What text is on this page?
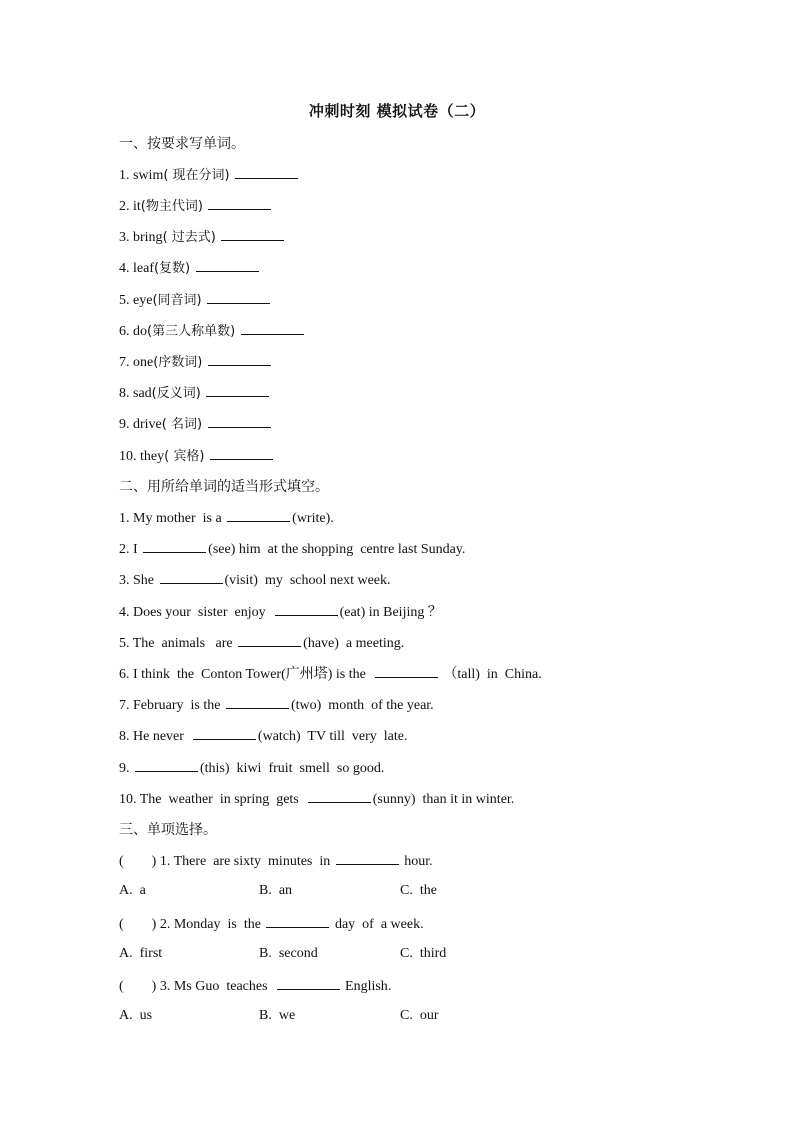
冲刺时刻 模拟试卷（二）
一、按要求写单词。
1. swim( 现在分词)
2. it(物主代词)
3. bring( 过去式)
4. leaf(复数)
5. eye(同音词)
6. do(第三人称单数)
7. one(序数词)
8. sad(反义词)
9. drive( 名词)
10. they( 宾格)
二、用所给单词的适当形式填空。
1. My mother  is a	(write).
2. I	(see) him  at the shopping  centre last Sunday.
3. She	(visit)  my  school next week.
4. Does your  sister  enjoy	(eat) in Beijing ？
5. The  animals   are	(have)  a meeting.
6. I think  the  Conton Tower(广州塔) is the	（tall)  in  China.
7. February  is the	(two)  month  of the year.
8. He never	(watch)  TV till  very  late.
9.	(this)  kiwi  fruit  smell  so good.
10. The  weather  in spring  gets	(sunny)  than it in winter.
三、单项选择。
(        ) 1. There  are sixty  minutes  in	hour.
A.  a	B.  an	C.  the
(        ) 2. Monday  is  the	day  of  a week.
A.  first	B.  second	C.  third
(        ) 3. Ms Guo  teaches	English.
A.  us	B.  we	C.  our
